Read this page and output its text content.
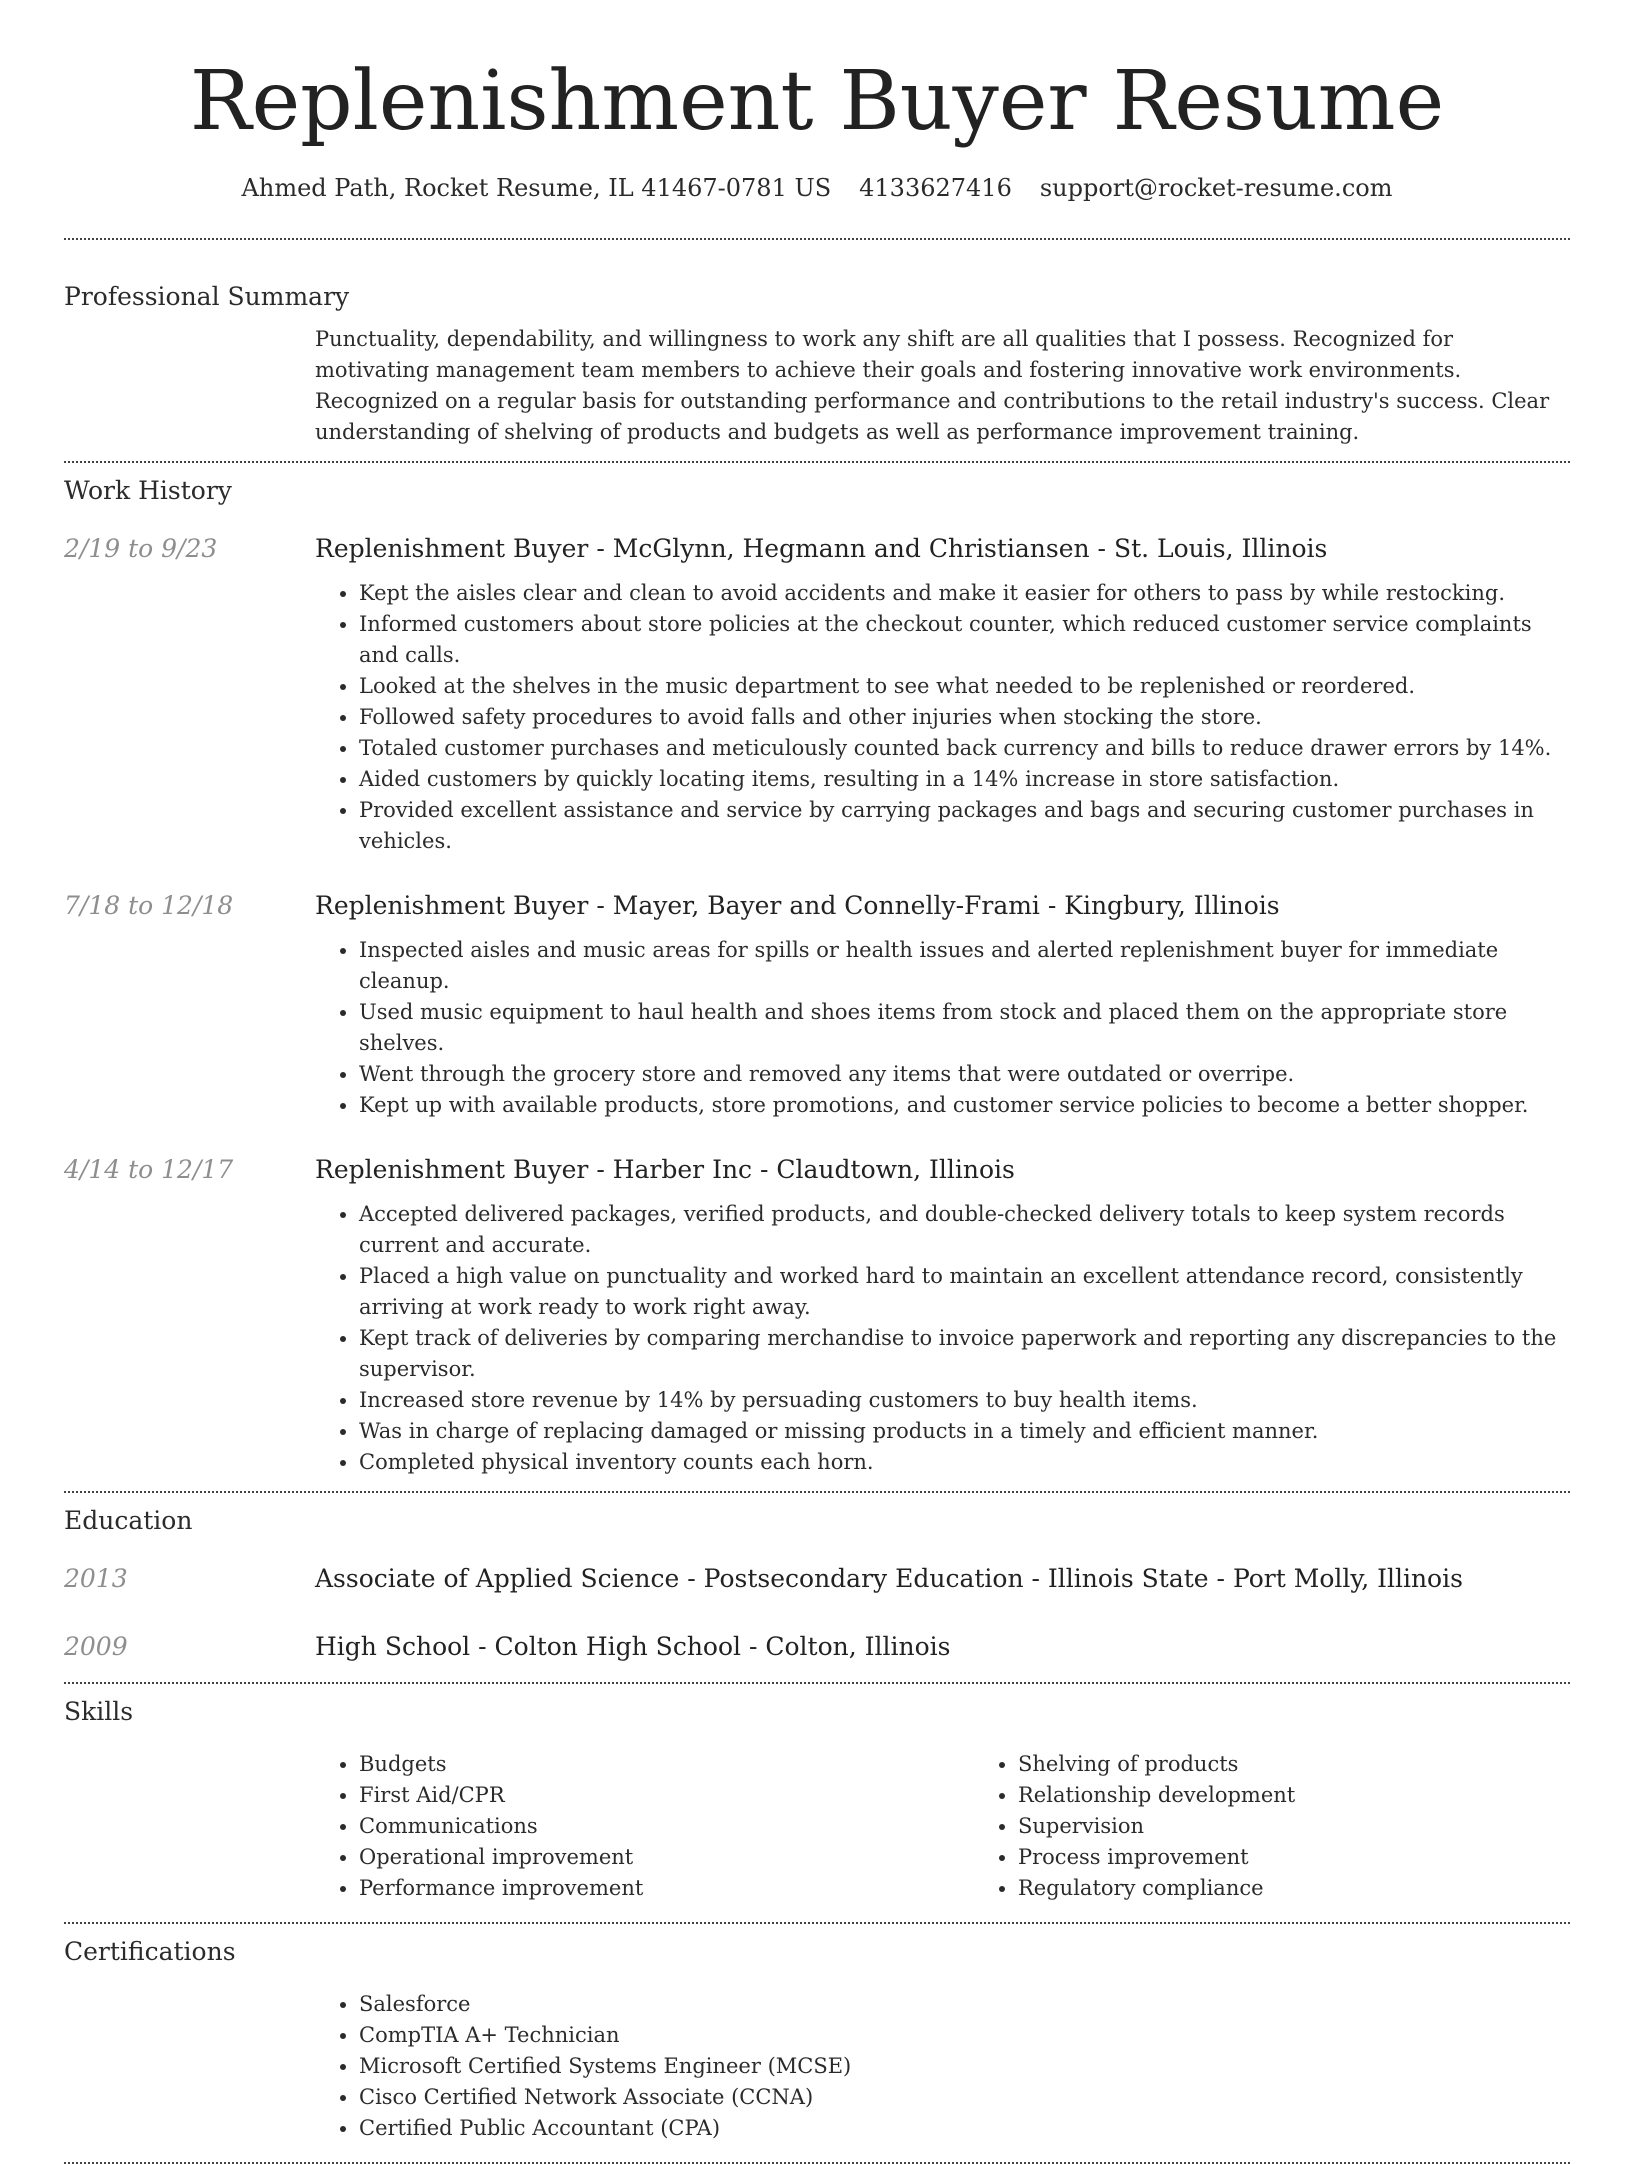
Replenishment Buyer Resume
Ahmed Path, Rocket Resume, IL 41467-0781 US 4133627416 support@rocket-resume.com
Professional Summary
Punctuality, dependability, and willingness to work any shift are all qualities that I possess. Recognized for motivating management team members to achieve their goals and fostering innovative work environments. Recognized on a regular basis for outstanding performance and contributions to the retail industry's success. Clear understanding of shelving of products and budgets as well as performance improvement training.
Work History
2/19 to 9/23	Replenishment Buyer - McGlynn, Hegmann and Christiansen - St. Louis, Illinois
• Kept the aisles clear and clean to avoid accidents and make it easier for others to pass by while restocking.
• Informed customers about store policies at the checkout counter, which reduced customer service complaints and calls.
• Looked at the shelves in the music department to see what needed to be replenished or reordered.
• Followed safety procedures to avoid falls and other injuries when stocking the store.
• Totaled customer purchases and meticulously counted back currency and bills to reduce drawer errors by 14%.
• Aided customers by quickly locating items, resulting in a 14% increase in store satisfaction.
• Provided excellent assistance and service by carrying packages and bags and securing customer purchases in vehicles.
7/18 to 12/18	Replenishment Buyer - Mayer, Bayer and Connelly-Frami - Kingbury, Illinois
• Inspected aisles and music areas for spills or health issues and alerted replenishment buyer for immediate cleanup.
• Used music equipment to haul health and shoes items from stock and placed them on the appropriate store shelves.
• Went through the grocery store and removed any items that were outdated or overripe.
• Kept up with available products, store promotions, and customer service policies to become a better shopper.
4/14 to 12/17	Replenishment Buyer - Harber Inc - Claudtown, Illinois
• Accepted delivered packages, verified products, and double-checked delivery totals to keep system records current and accurate.
• Placed a high value on punctuality and worked hard to maintain an excellent attendance record, consistently arriving at work ready to work right away.
• Kept track of deliveries by comparing merchandise to invoice paperwork and reporting any discrepancies to the supervisor.
• Increased store revenue by 14% by persuading customers to buy health items.
• Was in charge of replacing damaged or missing products in a timely and efficient manner.
• Completed physical inventory counts each horn.
Education
2013	Associate of Applied Science - Postsecondary Education - Illinois State - Port Molly, Illinois
2009	High School - Colton High School - Colton, Illinois
Skills
• Budgets
• First Aid/CPR
• Communications
• Operational improvement
• Performance improvement
• Shelving of products
• Relationship development
• Supervision
• Process improvement
• Regulatory compliance
Certifications
• Salesforce
• CompTIA A+ Technician
• Microsoft Certified Systems Engineer (MCSE)
• Cisco Certified Network Associate (CCNA)
• Certified Public Accountant (CPA)
